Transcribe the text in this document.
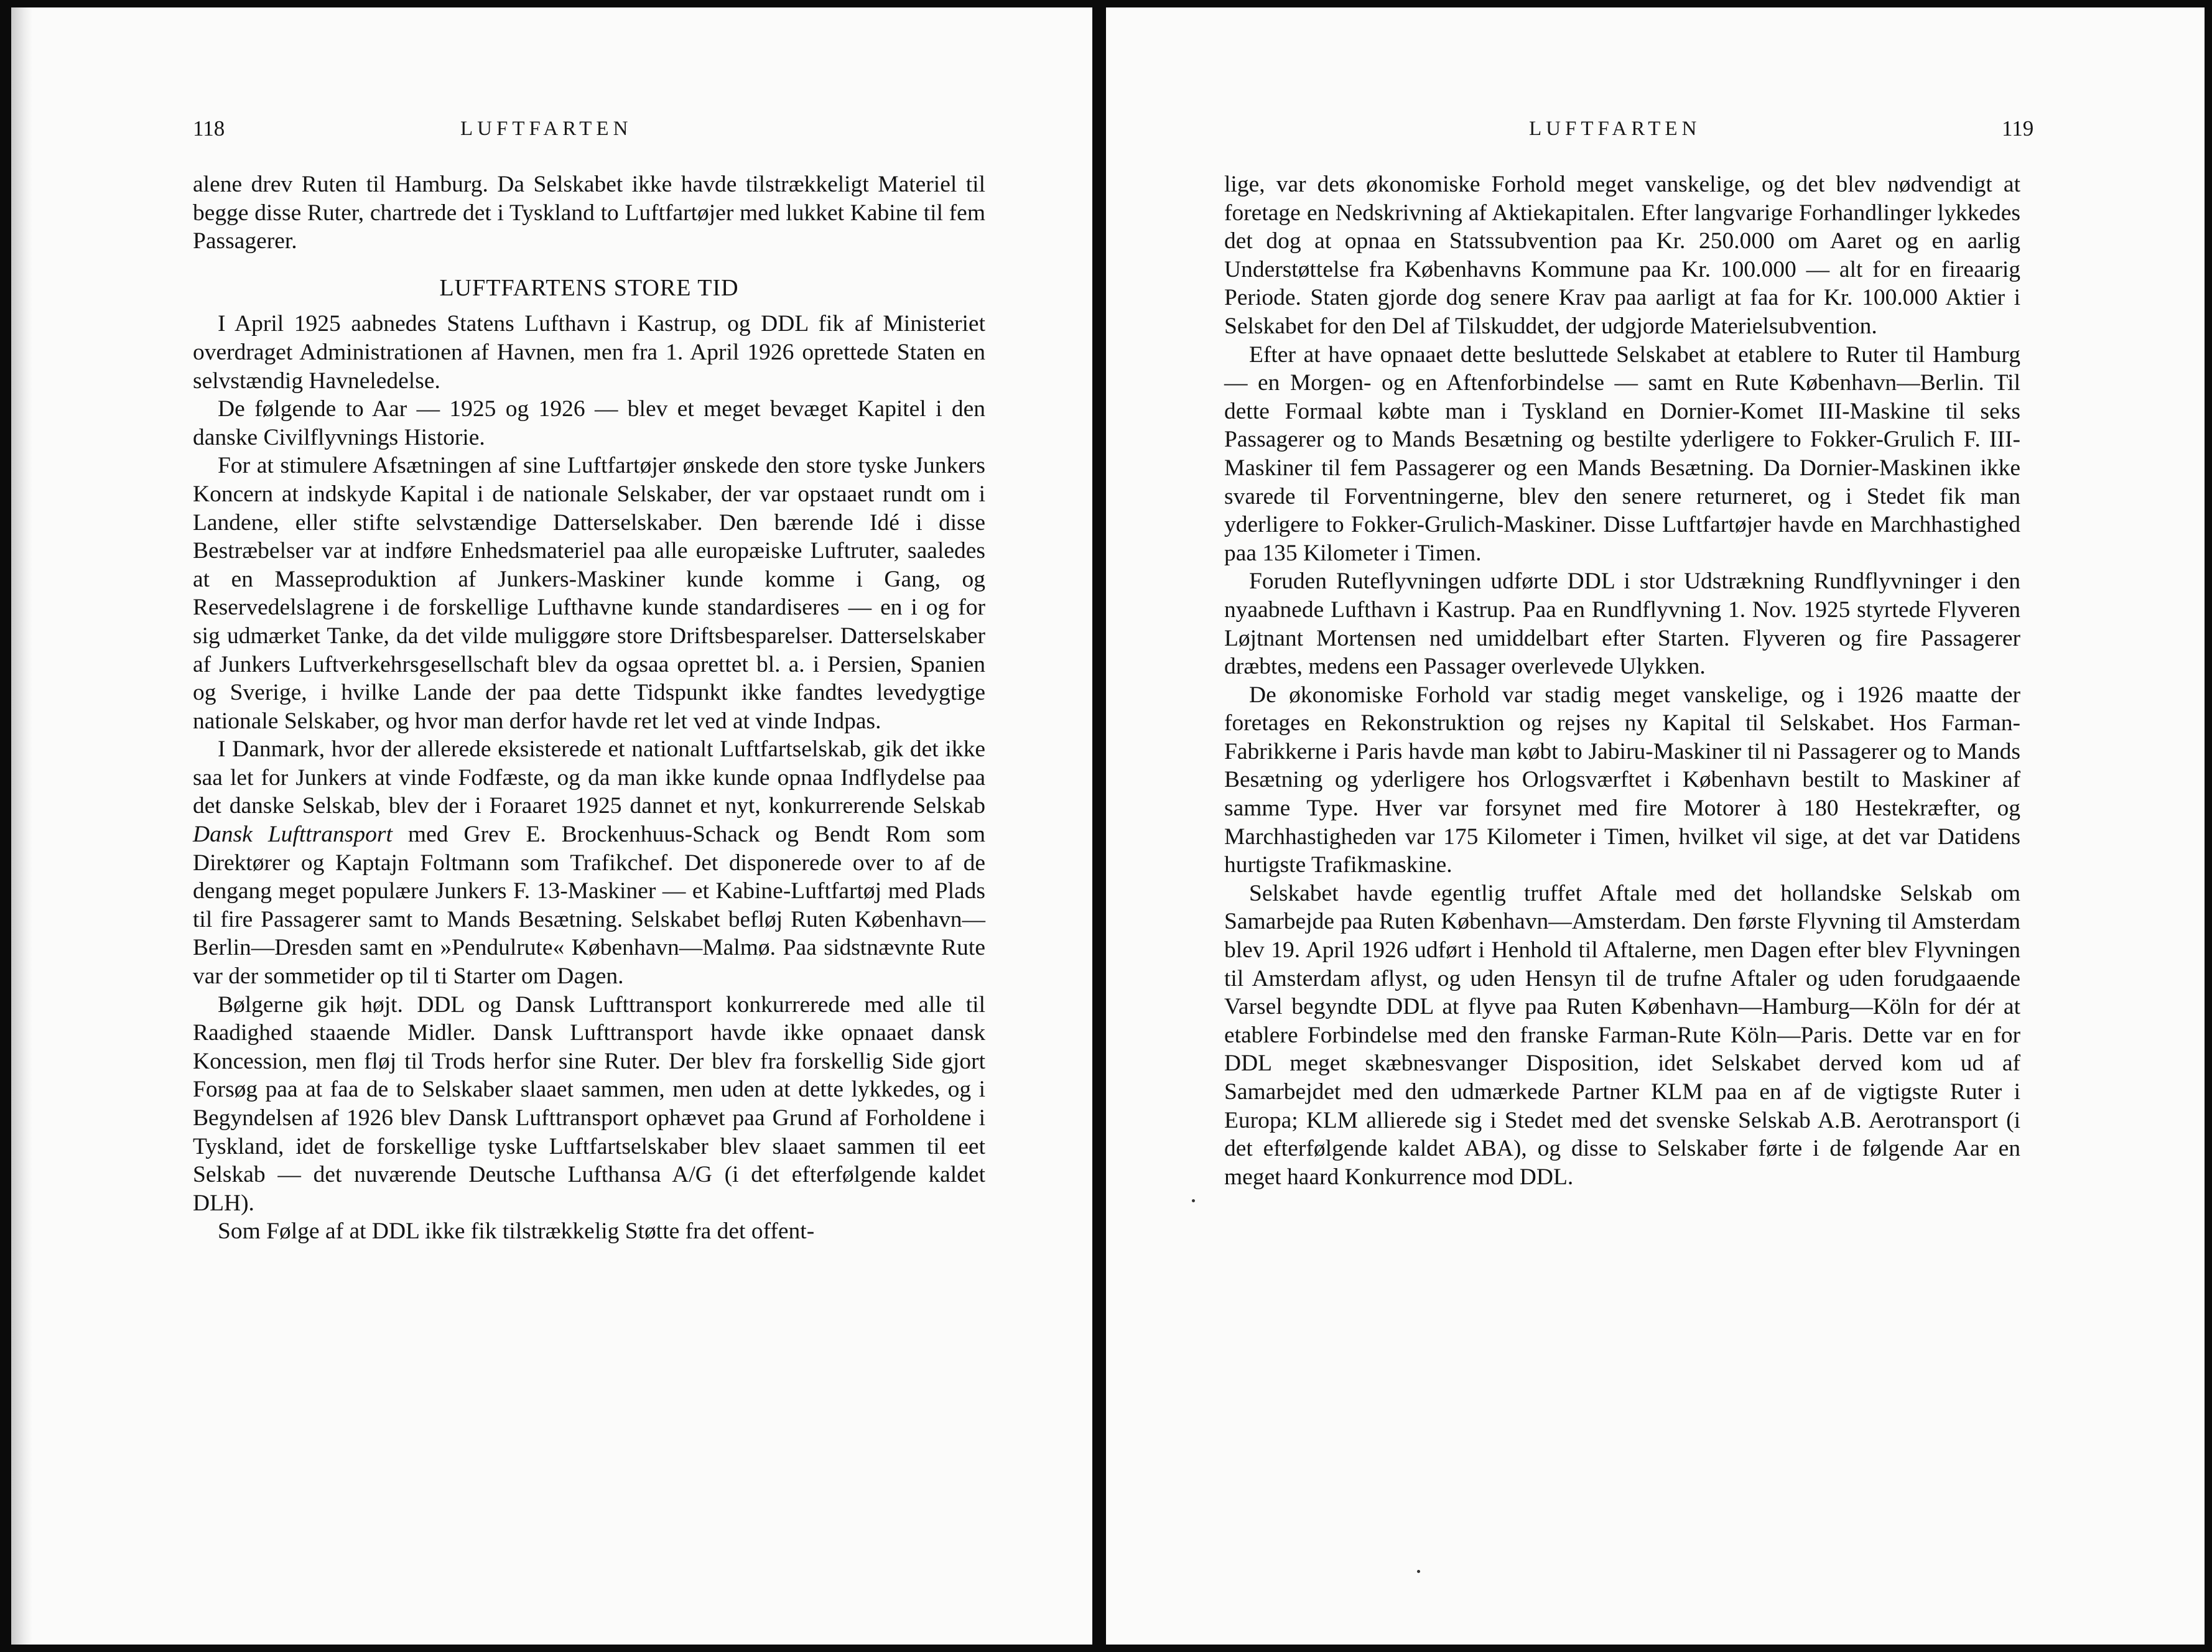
118	LUFTFARTEN

alene drev Ruten til Hamburg. Da Selskabet ikke havde tilstrækkeligt Materiel til begge disse Ruter, chartrede det i Tyskland to Luftfartøjer med lukket Kabine til fem Passagerer.

LUFTFARTENS STORE TID

I April 1925 aabnedes Statens Lufthavn i Kastrup, og DDL fik af Ministeriet overdraget Administrationen af Havnen, men fra 1. April 1926 oprettede Staten en selvstændig Havneledelse.

De følgende to Aar — 1925 og 1926 — blev et meget bevæget Kapitel i den danske Civilflyvnings Historie.

For at stimulere Afsætningen af sine Luftfartøjer ønskede den store tyske Junkers Koncern at indskyde Kapital i de nationale Selskaber, der var opstaaet rundt om i Landene, eller stifte selvstændige Datterselskaber. Den bærende Idé i disse Bestræbelser var at indføre Enhedsmateriel paa alle europæiske Luftruter, saaledes at en Masseproduktion af Junkers-Maskiner kunde komme i Gang, og Reservedelslagrene i de forskellige Lufthavne kunde standardiseres — en i og for sig udmærket Tanke, da det vilde muliggøre store Driftsbesparelser. Datterselskaber af Junkers Luftverkehrsgesellschaft blev da ogsaa oprettet bl. a. i Persien, Spanien og Sverige, i hvilke Lande der paa dette Tidspunkt ikke fandtes levedygtige nationale Selskaber, og hvor man derfor havde ret let ved at vinde Indpas.

I Danmark, hvor der allerede eksisterede et nationalt Luftfartselskab, gik det ikke saa let for Junkers at vinde Fodfæste, og da man ikke kunde opnaa Indflydelse paa det danske Selskab, blev der i Foraaret 1925 dannet et nyt, konkurrerende Selskab Dansk Lufttransport med Grev E. Brockenhuus-Schack og Bendt Rom som Direktører og Kaptajn Foltmann som Trafikchef. Det disponerede over to af de dengang meget populære Junkers F. 13-Maskiner — et Kabine-Luftfartøj med Plads til fire Passagerer samt to Mands Besætning. Selskabet befløj Ruten København—Berlin—Dresden samt en »Pendulrute« København—Malmø. Paa sidstnævnte Rute var der sommetider op til ti Starter om Dagen.

Bølgerne gik højt. DDL og Dansk Lufttransport konkurrerede med alle til Raadighed staaende Midler. Dansk Lufttransport havde ikke opnaaet dansk Koncession, men fløj til Trods herfor sine Ruter. Der blev fra forskellig Side gjort Forsøg paa at faa de to Selskaber slaaet sammen, men uden at dette lykkedes, og i Begyndelsen af 1926 blev Dansk Lufttransport ophævet paa Grund af Forholdene i Tyskland, idet de forskellige tyske Luftfartselskaber blev slaaet sammen til eet Selskab — det nuværende Deutsche Lufthansa A/G (i det efterfølgende kaldet DLH).

Som Følge af at DDL ikke fik tilstrækkelig Støtte fra det offent-

LUFTFARTEN	119

lige, var dets økonomiske Forhold meget vanskelige, og det blev nødvendigt at foretage en Nedskrivning af Aktiekapitalen. Efter langvarige Forhandlinger lykkedes det dog at opnaa en Statssubvention paa Kr. 250.000 om Aaret og en aarlig Understøttelse fra Københavns Kommune paa Kr. 100.000 — alt for en fireaarig Periode. Staten gjorde dog senere Krav paa aarligt at faa for Kr. 100.000 Aktier i Selskabet for den Del af Tilskuddet, der udgjorde Materielsubvention.

Efter at have opnaaet dette besluttede Selskabet at etablere to Ruter til Hamburg — en Morgen- og en Aftenforbindelse — samt en Rute København—Berlin. Til dette Formaal købte man i Tyskland en Dornier-Komet III-Maskine til seks Passagerer og to Mands Besætning og bestilte yderligere to Fokker-Grulich F. III-Maskiner til fem Passagerer og een Mands Besætning. Da Dornier-Maskinen ikke svarede til Forventningerne, blev den senere returneret, og i Stedet fik man yderligere to Fokker-Grulich-Maskiner. Disse Luftfartøjer havde en Marchhastighed paa 135 Kilometer i Timen.

Foruden Ruteflyvningen udførte DDL i stor Udstrækning Rundflyvninger i den nyaabnede Lufthavn i Kastrup. Paa en Rundflyvning 1. Nov. 1925 styrtede Flyveren Løjtnant Mortensen ned umiddelbart efter Starten. Flyveren og fire Passagerer dræbtes, medens een Passager overlevede Ulykken.

De økonomiske Forhold var stadig meget vanskelige, og i 1926 maatte der foretages en Rekonstruktion og rejses ny Kapital til Selskabet. Hos Farman-Fabrikkerne i Paris havde man købt to Jabiru-Maskiner til ni Passagerer og to Mands Besætning og yderligere hos Orlogsværftet i København bestilt to Maskiner af samme Type. Hver var forsynet med fire Motorer à 180 Hestekræfter, og Marchhastigheden var 175 Kilometer i Timen, hvilket vil sige, at det var Datidens hurtigste Trafikmaskine.

Selskabet havde egentlig truffet Aftale med det hollandske Selskab om Samarbejde paa Ruten København—Amsterdam. Den første Flyvning til Amsterdam blev 19. April 1926 udført i Henhold til Aftalerne, men Dagen efter blev Flyvningen til Amsterdam aflyst, og uden Hensyn til de trufne Aftaler og uden forudgaaende Varsel begyndte DDL at flyve paa Ruten København—Hamburg—Köln for dér at etablere Forbindelse med den franske Farman-Rute Köln—Paris. Dette var en for DDL meget skæbnesvanger Disposition, idet Selskabet derved kom ud af Samarbejdet med den udmærkede Partner KLM paa en af de vigtigste Ruter i Europa; KLM allierede sig i Stedet med det svenske Selskab A.B. Aerotransport (i det efterfølgende kaldet ABA), og disse to Selskaber førte i de følgende Aar en meget haard Konkurrence mod DDL.
